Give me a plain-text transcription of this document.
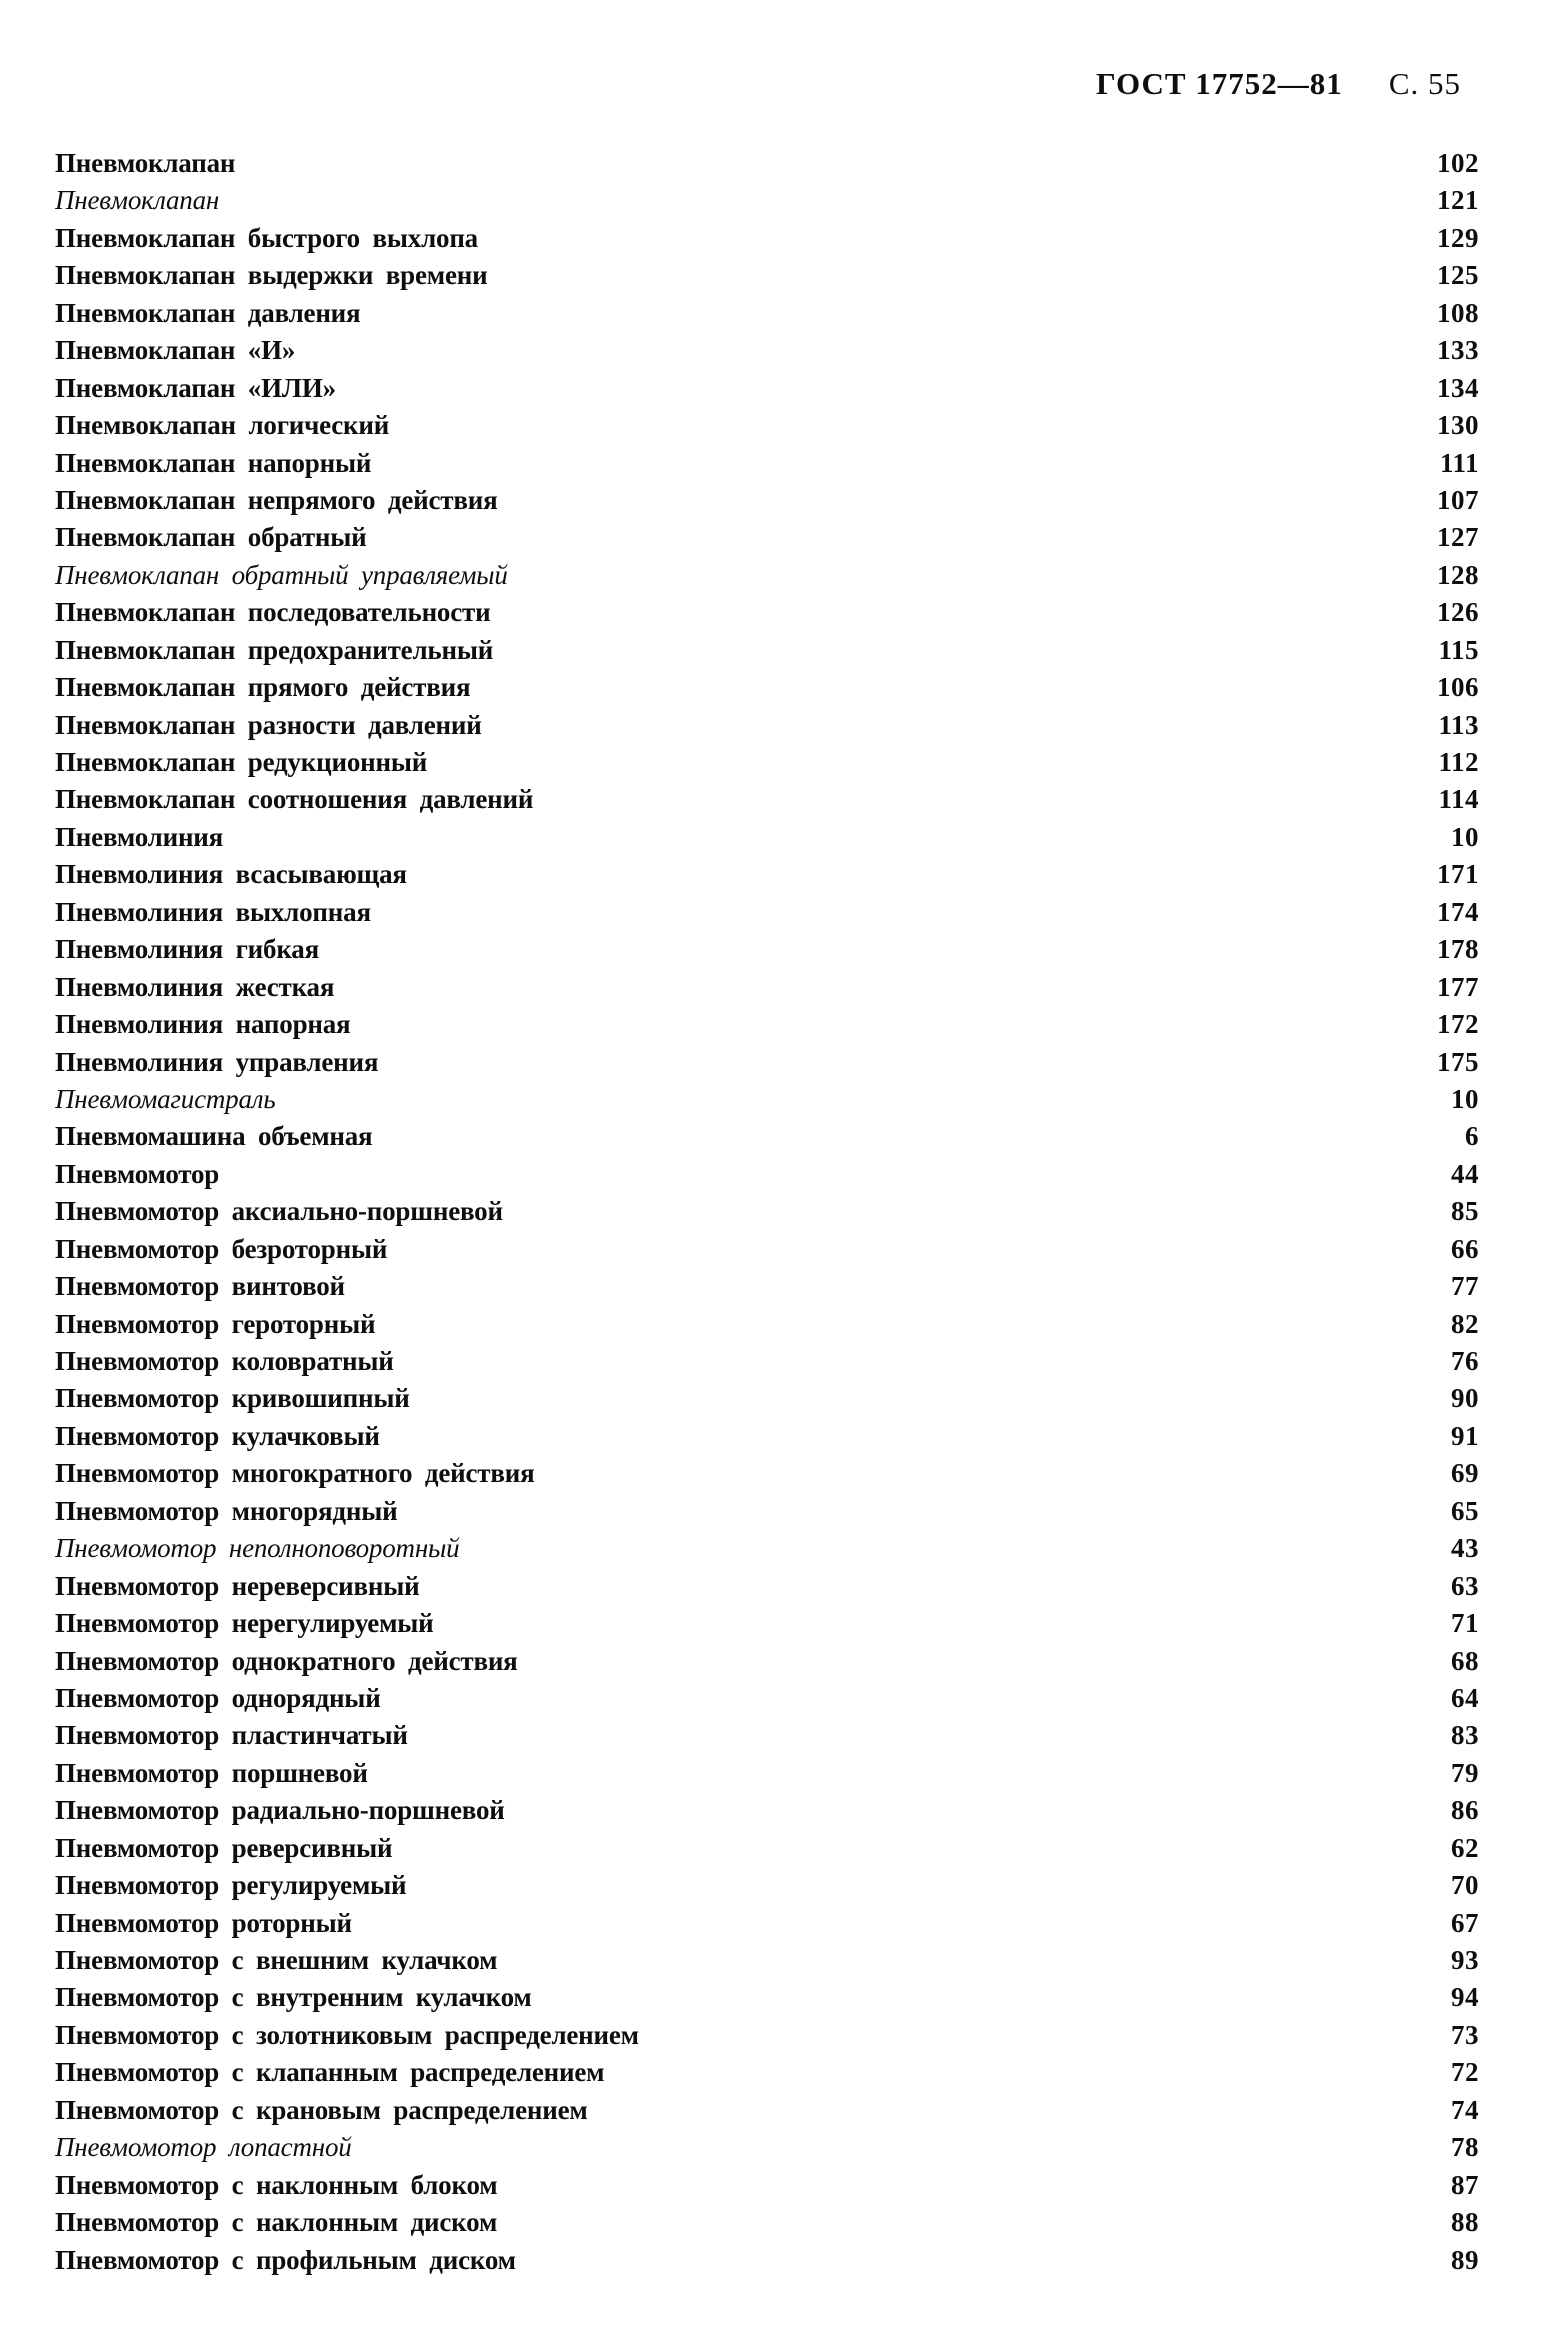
ГОСТ 17752—81 С. 55
Пневмоклапан	102
Пневмоклапан	121
Пневмоклапан быстрого выхлопа	129
Пневмоклапан выдержки времени	125
Пневмоклапан давления	108
Пневмоклапан «И»	133
Пневмоклапан «ИЛИ»	134
Пнемвоклапан логический	130
Пневмоклапан напорный	111
Пневмоклапан непрямого действия	107
Пневмоклапан обратный	127
Пневмоклапан обратный управляемый	128
Пневмоклапан последовательности	126
Пневмоклапан предохранительный	115
Пневмоклапан прямого действия	106
Пневмоклапан разности давлений	113
Пневмоклапан редукционный	112
Пневмоклапан соотношения давлений	114
Пневмолиния	10
Пневмолиния всасывающая	171
Пневмолиния выхлопная	174
Пневмолиния гибкая	178
Пневмолиния жесткая	177
Пневмолиния напорная	172
Пневмолиния управления	175
Пневмомагистраль	10
Пневмомашина объемная	6
Пневмомотор	44
Пневмомотор аксиально-поршневой	85
Пневмомотор безроторный	66
Пневмомотор винтовой	77
Пневмомотор героторный	82
Пневмомотор коловратный	76
Пневмомотор кривошипный	90
Пневмомотор кулачковый	91
Пневмомотор многократного действия	69
Пневмомотор многорядный	65
Пневмомотор неполноповоротный	43
Пневмомотор нереверсивный	63
Пневмомотор нерегулируемый	71
Пневмомотор однократного действия	68
Пневмомотор однорядный	64
Пневмомотор пластинчатый	83
Пневмомотор поршневой	79
Пневмомотор радиально-поршневой	86
Пневмомотор реверсивный	62
Пневмомотор регулируемый	70
Пневмомотор роторный	67
Пневмомотор с внешним кулачком	93
Пневмомотор с внутренним кулачком	94
Пневмомотор с золотниковым распределением	73
Пневмомотор с клапанным распределением	72
Пневмомотор с крановым распределением	74
Пневмомотор лопастной	78
Пневмомотор с наклонным блоком	87
Пневмомотор с наклонным диском	88
Пневмомотор с профильным диском	89
